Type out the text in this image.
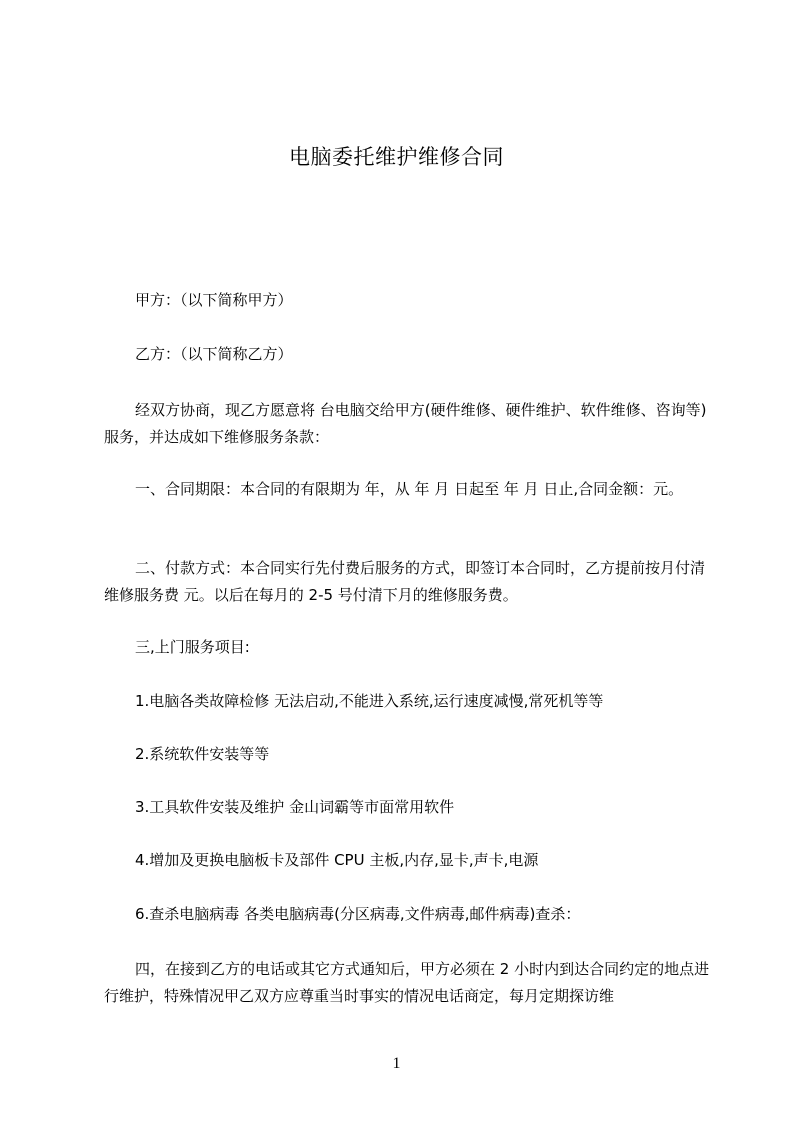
电脑委托维护维修合同

甲方：（以下简称甲方）

乙方：（以下简称乙方）

经双方协商，现乙方愿意将 台电脑交给甲方(硬件维修、硬件维护、软件维修、咨询等)服务，并达成如下维修服务条款：

一、合同期限：本合同的有限期为 年，从 年 月 日起至 年 月 日止,合同金额：元。

二、付款方式：本合同实行先付费后服务的方式，即签订本合同时，乙方提前按月付清维修服务费 元。以后在每月的 2-5 号付清下月的维修服务费。

三,上门服务项目:

1.电脑各类故障检修 无法启动,不能进入系统,运行速度减慢,常死机等等

2.系统软件安装等等

3.工具软件安装及维护 金山词霸等市面常用软件

4.增加及更换电脑板卡及部件 CPU 主板,内存,显卡,声卡,电源

6.查杀电脑病毒 各类电脑病毒(分区病毒,文件病毒,邮件病毒)查杀：

四，在接到乙方的电话或其它方式通知后，甲方必须在 2 小时内到达合同约定的地点进行维护，特殊情况甲乙双方应尊重当时事实的情况电话商定，每月定期探访维

1
